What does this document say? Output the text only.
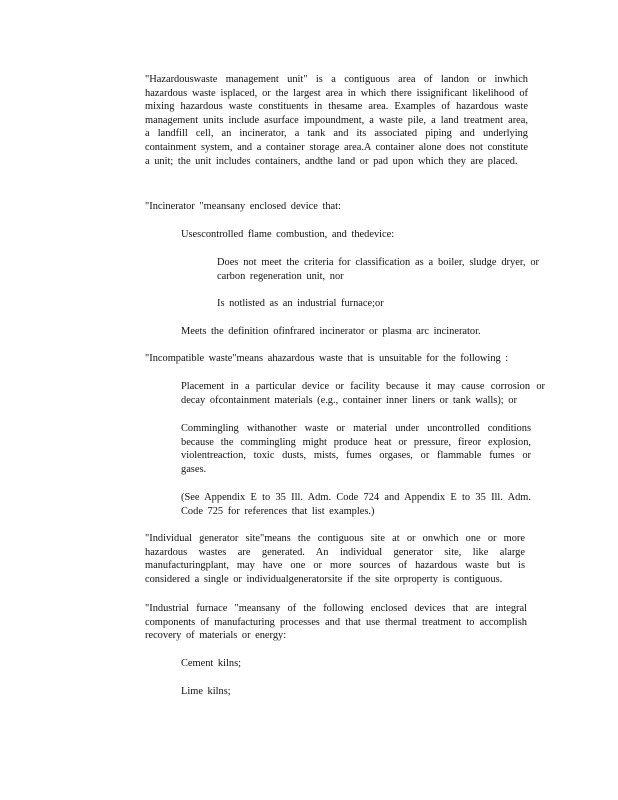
"Hazardouswaste management unit" is a contiguous area of landon or inwhich hazardous waste isplaced, or the largest area in which there issignificant likelihood of mixing hazardous waste constituents in thesame area. Examples of hazardous waste management units include asurface impoundment, a waste pile, a land treatment area, a landfill cell, an incinerator, a tank and its associated piping and underlying containment system, and a container storage area.A container alone does not constitute a unit; the unit includes containers, andthe land or pad upon which they are placed.

"Incinerator "meansany enclosed device that:

Usescontrolled flame combustion, and thedevice:

Does not meet the criteria for classification as a boiler, sludge dryer, or carbon regeneration unit, nor

Is notlisted as an industrial furnace;or

Meets the definition ofinfrared incinerator or plasma arc incinerator.

"Incompatible waste"means ahazardous waste that is unsuitable for the following :

Placement in a particular device or facility because it may cause corrosion or decay ofcontainment materials (e.g., container inner liners or tank walls); or

Commingling withanother waste or material under uncontrolled conditions because the commingling might produce heat or pressure, fireor explosion, violentreaction, toxic dusts, mists, fumes orgases, or flammable fumes or gases.

(See Appendix E to 35 Ill. Adm. Code 724 and Appendix E to 35 Ill. Adm. Code 725 for references that list examples.)

"Individual generator site"means the contiguous site at or onwhich one or more hazardous wastes are generated. An individual generator site, like alarge manufacturingplant, may have one or more sources of hazardous waste but is considered a single or individualgeneratorsite if the site orproperty is contiguous.

"Industrial furnace "meansany of the following enclosed devices that are integral components of manufacturing processes and that use thermal treatment to accomplish recovery of materials or energy:

Cement kilns;

Lime kilns;
